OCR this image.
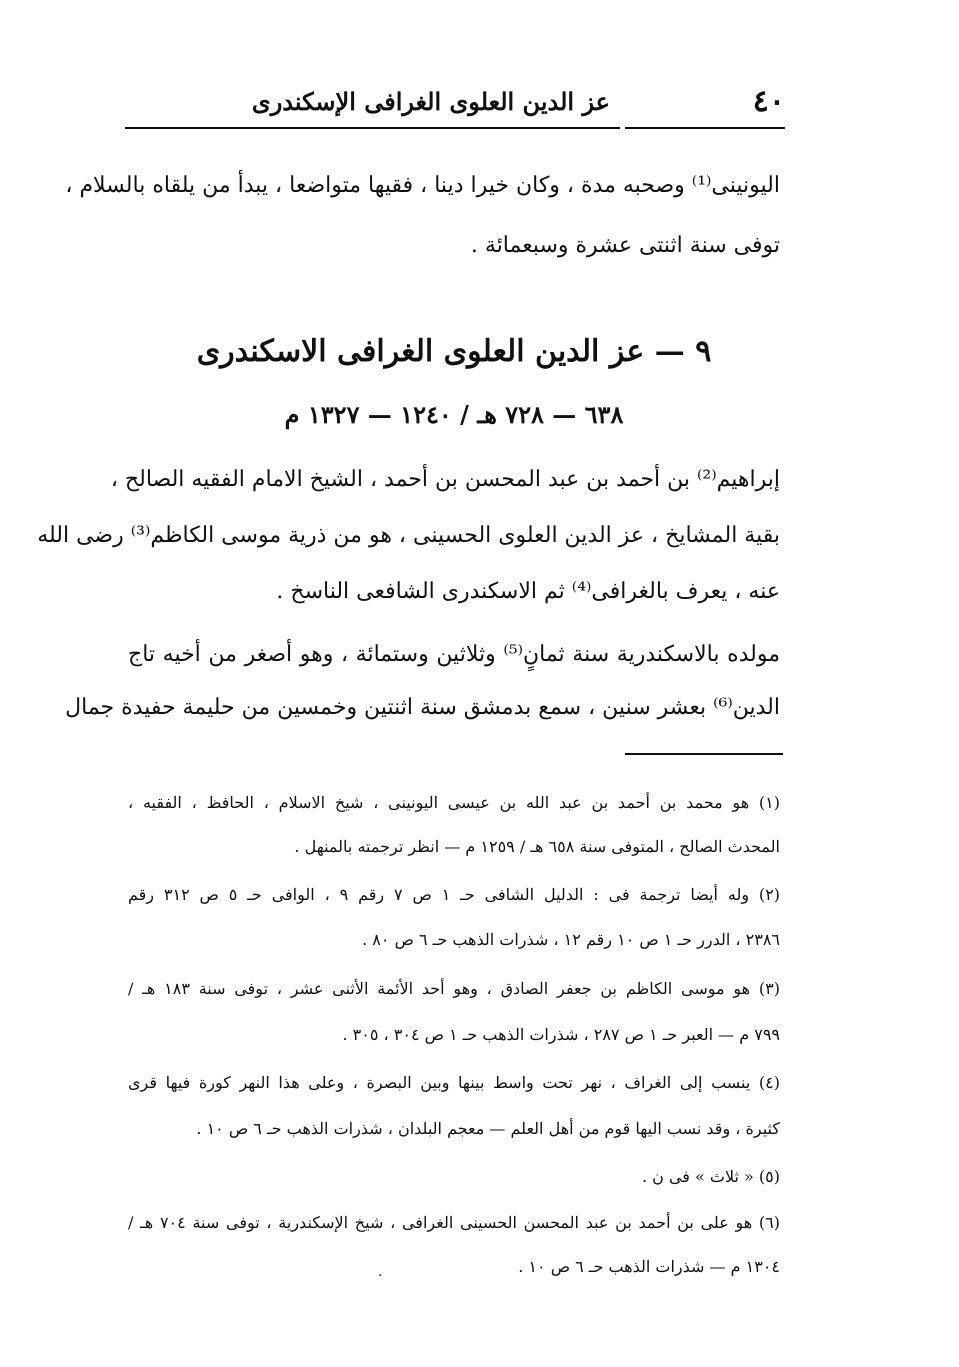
٤٠
عز الدين العلوى الغرافى الإسكندرى
اليونينى⁽¹⁾ وصحبه مدة ، وكان خيرا دينا ، فقيها متواضعا ، يبدأ من يلقاه بالسلام ،
توفى سنة اثنتى عشرة وسبعمائة .
٩ — عز الدين العلوى الغرافى الاسكندرى
٦٣٨ — ٧٢٨ هـ / ١٢٤٠ — ١٣٢٧ م
إبراهيم⁽²⁾ بن أحمد بن عبد المحسن بن أحمد ، الشيخ الامام الفقيه الصالح ،
بقية المشايخ ، عز الدين العلوى الحسينى ، هو من ذرية موسى الكاظم⁽³⁾ رضى الله
عنه ، يعرف بالغرافى⁽⁴⁾ ثم الاسكندرى الشافعى الناسخ .
مولده بالاسكندرية سنة ثمانٍ⁽⁵⁾ وثلاثين وستمائة ، وهو أصغر من أخيه تاج
الدين⁽⁶⁾ بعشر سنين ، سمع بدمشق سنة اثنتين وخمسين من حليمة حفيدة جمال
(١) هو محمد بن أحمد بن عبد الله بن عيسى اليونينى ، شيخ الاسلام ، الحافظ ، الفقيه ،
المحدث الصالح ، المتوفى سنة ٦٥٨ هـ / ١٢٥٩ م — انظر ترجمته بالمنهل .
(٢) وله أيضا ترجمة فى : الدليل الشافى حـ ١ ص ٧ رقم ٩ ، الوافى حـ ٥ ص ٣١٢ رقم
٢٣٨٦ ، الدرر حـ ١ ص ١٠ رقم ١٢ ، شذرات الذهب حـ ٦ ص ٨٠ .
(٣) هو موسى الكاظم بن جعفر الصادق ، وهو أحد الأئمة الأثنى عشر ، توفى سنة ١٨٣ هـ /
٧٩٩ م — العبر حـ ١ ص ٢٨٧ ، شذرات الذهب حـ ١ ص ٣٠٤ ، ٣٠٥ .
(٤) ينسب إلى الغراف ، نهر تحت واسط بينها وبين البصرة ، وعلى هذا النهر كورة فيها قرى
كثيرة ، وقد نسب اليها قوم من أهل العلم — معجم البلدان ، شذرات الذهب حـ ٦ ص ١٠ .
(٥) « ثلاث » فى ن .
(٦) هو على بن أحمد بن عبد المحسن الحسينى الغرافى ، شيخ الإسكندرية ، توفى سنة ٧٠٤ هـ /
١٣٠٤ م — شذرات الذهب حـ ٦ ص ١٠ .
·
